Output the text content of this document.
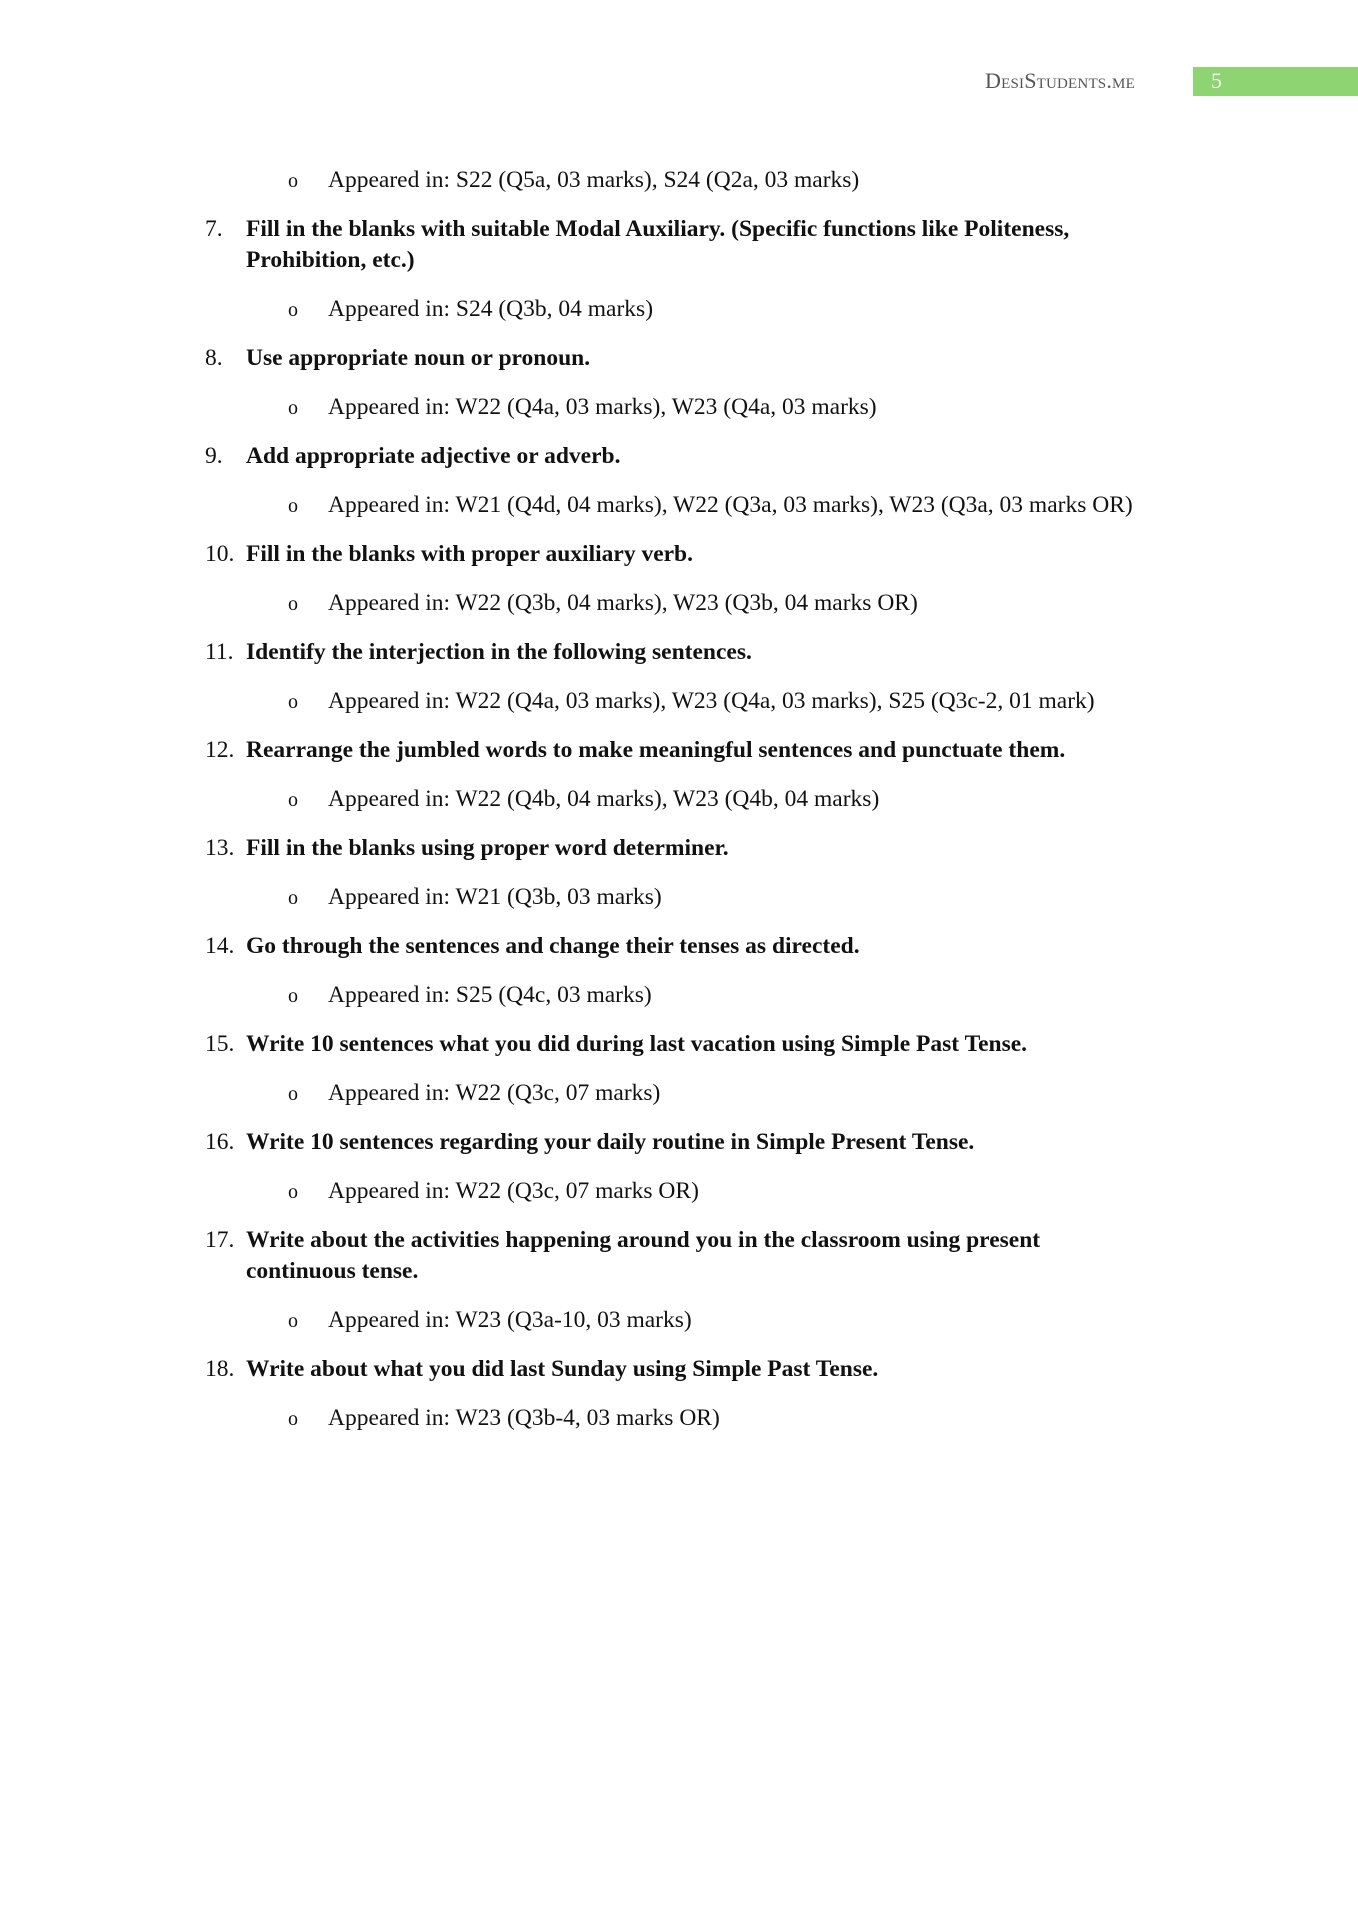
DesiStudents.me	5
o Appeared in: S22 (Q5a, 03 marks), S24 (Q2a, 03 marks)
7. Fill in the blanks with suitable Modal Auxiliary. (Specific functions like Politeness, Prohibition, etc.)
o Appeared in: S24 (Q3b, 04 marks)
8. Use appropriate noun or pronoun.
o Appeared in: W22 (Q4a, 03 marks), W23 (Q4a, 03 marks)
9. Add appropriate adjective or adverb.
o Appeared in: W21 (Q4d, 04 marks), W22 (Q3a, 03 marks), W23 (Q3a, 03 marks OR)
10. Fill in the blanks with proper auxiliary verb.
o Appeared in: W22 (Q3b, 04 marks), W23 (Q3b, 04 marks OR)
11. Identify the interjection in the following sentences.
o Appeared in: W22 (Q4a, 03 marks), W23 (Q4a, 03 marks), S25 (Q3c-2, 01 mark)
12. Rearrange the jumbled words to make meaningful sentences and punctuate them.
o Appeared in: W22 (Q4b, 04 marks), W23 (Q4b, 04 marks)
13. Fill in the blanks using proper word determiner.
o Appeared in: W21 (Q3b, 03 marks)
14. Go through the sentences and change their tenses as directed.
o Appeared in: S25 (Q4c, 03 marks)
15. Write 10 sentences what you did during last vacation using Simple Past Tense.
o Appeared in: W22 (Q3c, 07 marks)
16. Write 10 sentences regarding your daily routine in Simple Present Tense.
o Appeared in: W22 (Q3c, 07 marks OR)
17. Write about the activities happening around you in the classroom using present continuous tense.
o Appeared in: W23 (Q3a-10, 03 marks)
18. Write about what you did last Sunday using Simple Past Tense.
o Appeared in: W23 (Q3b-4, 03 marks OR)
